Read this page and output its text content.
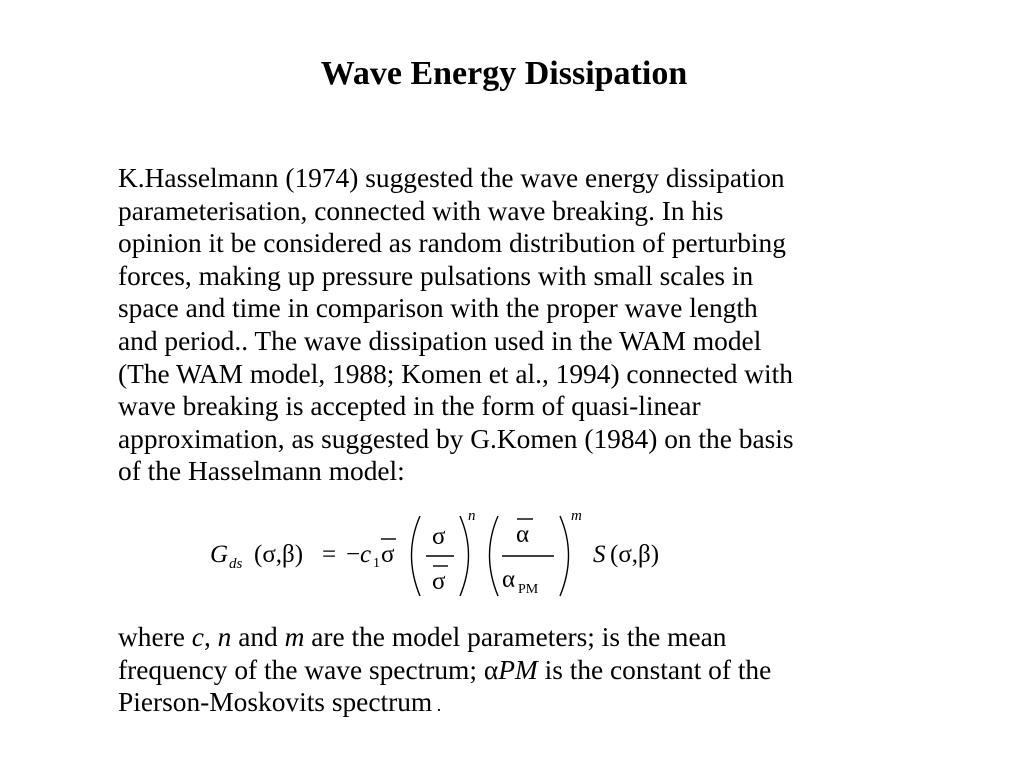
Wave Energy Dissipation
K.Hasselmann (1974) suggested the wave energy dissipation
parameterisation, connected with wave breaking. In his
opinion it be considered as random distribution of perturbing
forces, making up pressure pulsations with small scales in
space and time in comparison with the proper wave length
and period.. The wave dissipation used in the WAM model
(The WAM model, 1988; Komen et al., 1994) connected with
wave breaking is accepted in the form of quasi-linear
approximation, as suggested by G.Komen (1984) on the basis
of the Hasselmann model:
G ds (σ,β) = − c 1 σ
σ
σ
n
α
α PM
m
S (σ,β)
where c, n and m are the model parameters; is the mean
frequency of the wave spectrum; αPM is the constant of the
Pierson-Moskovits spectrum .
